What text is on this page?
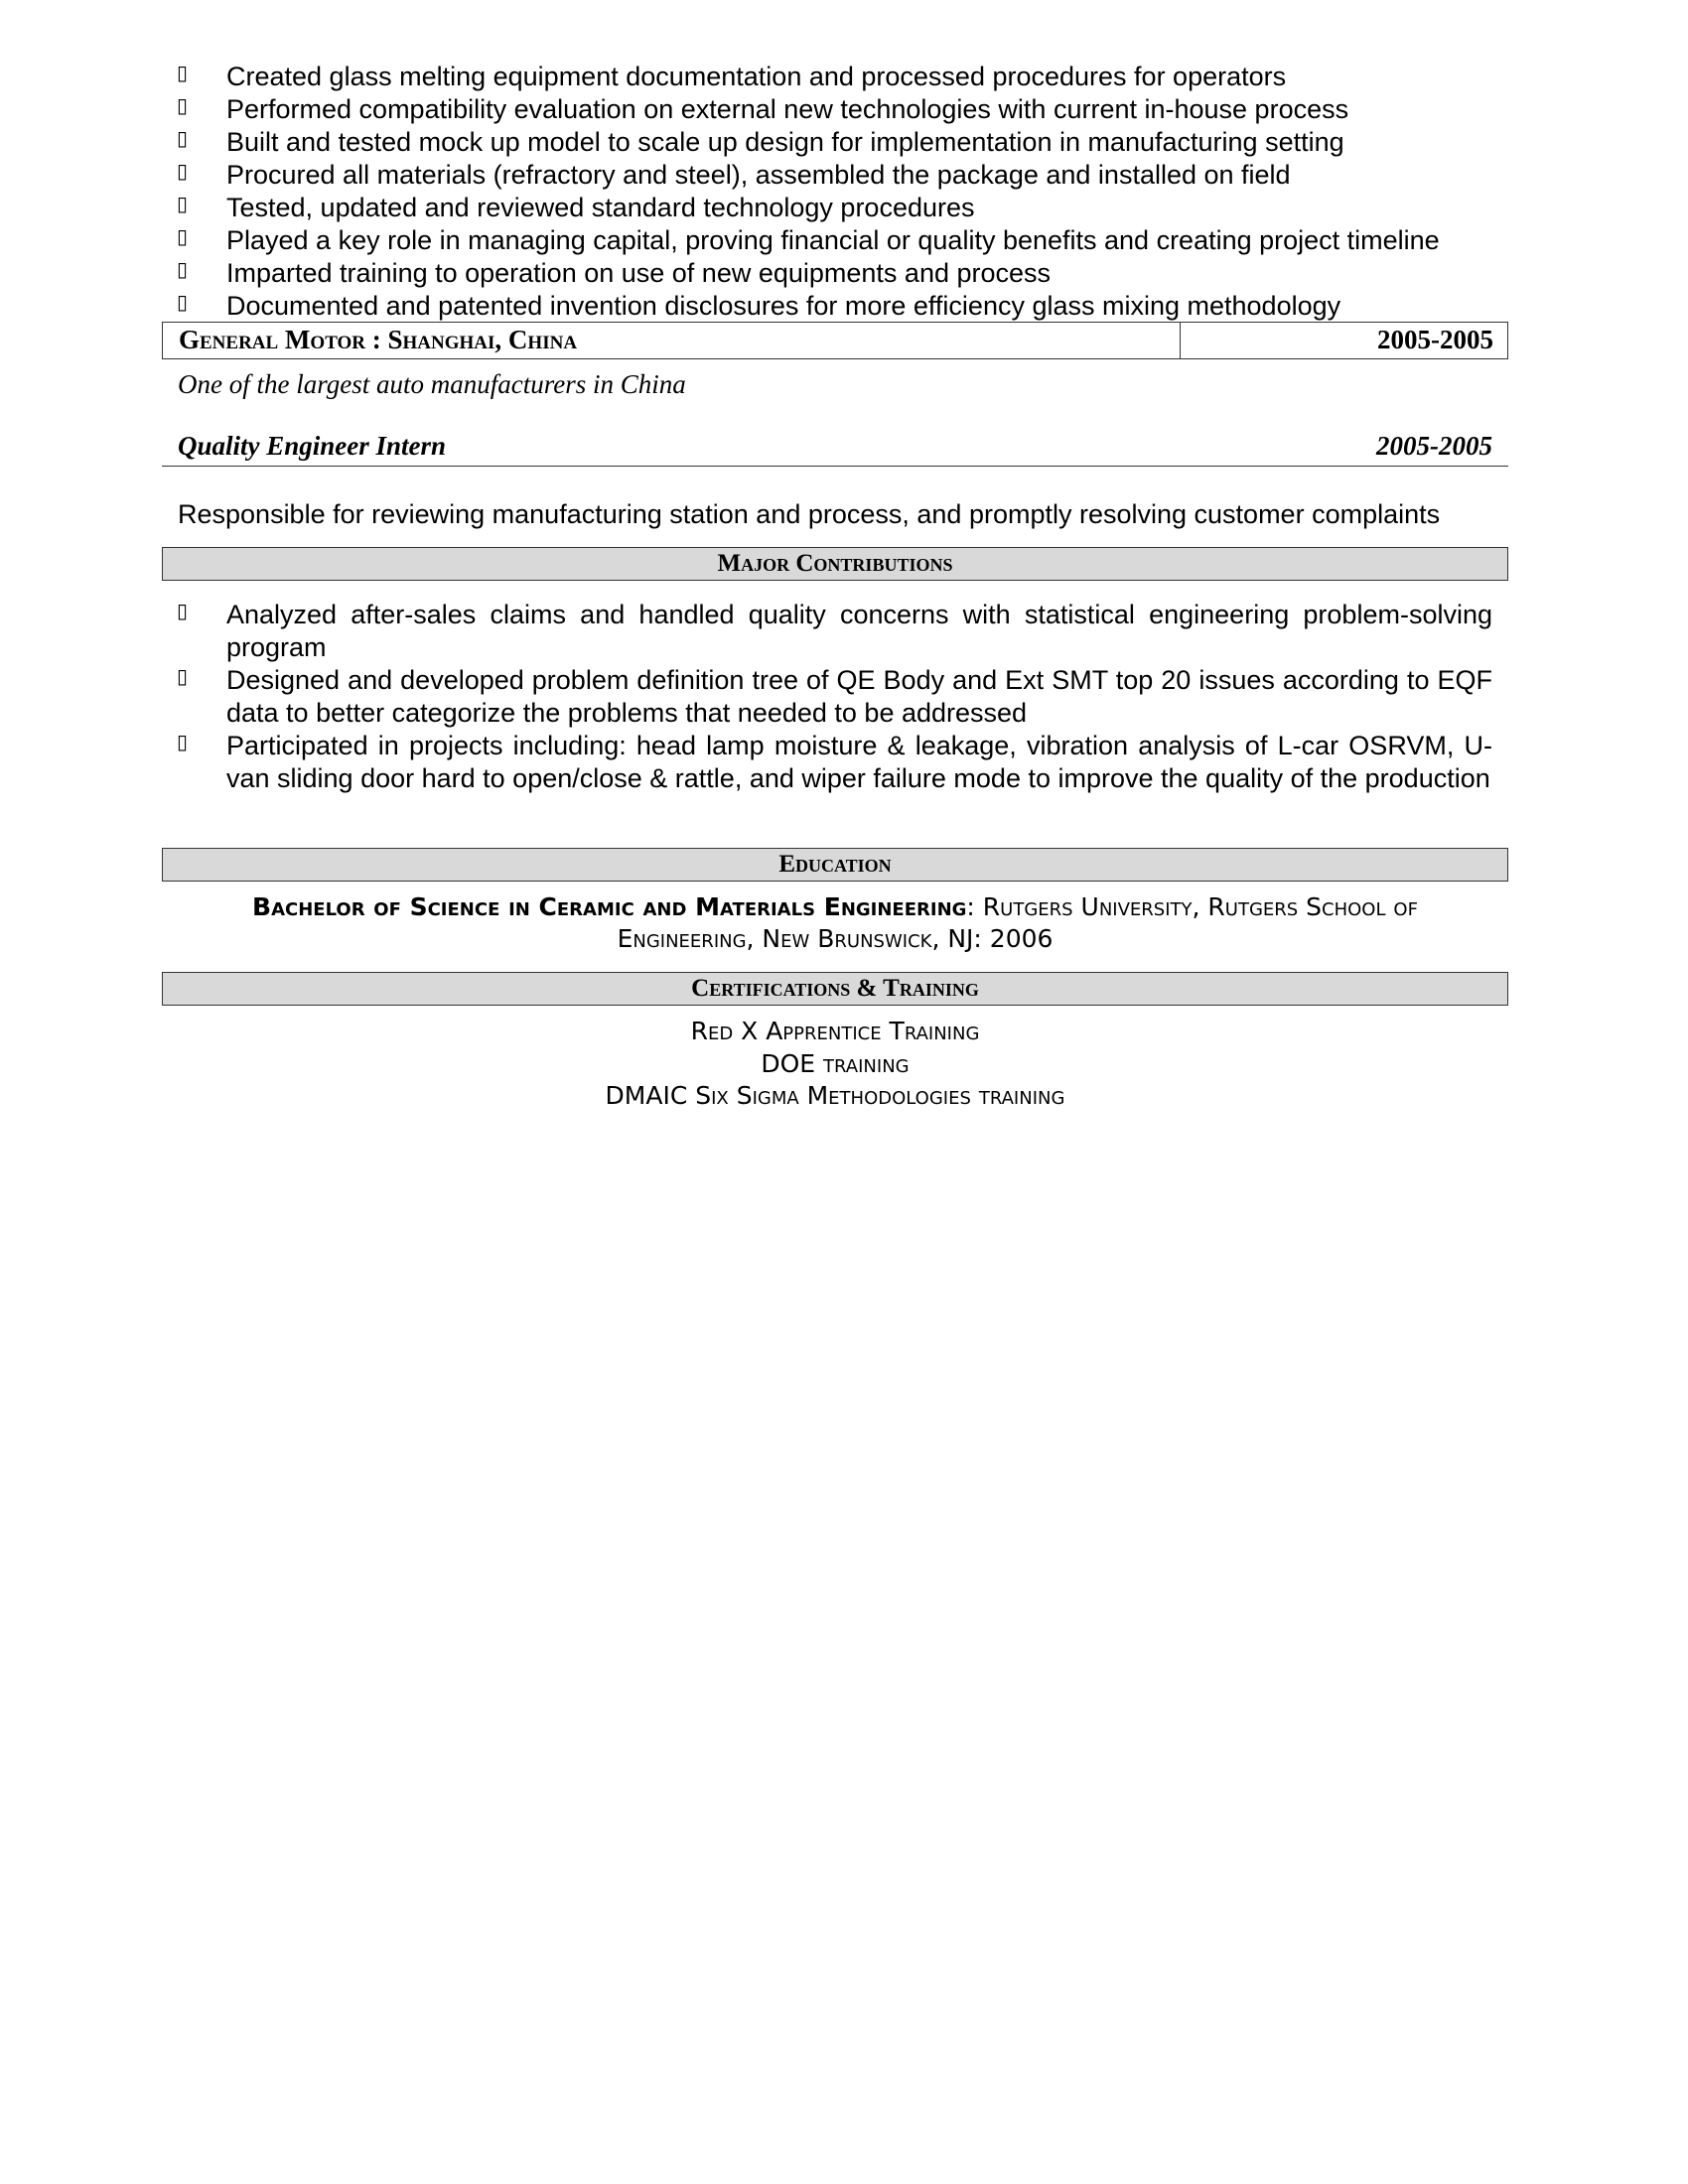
▯ Created glass melting equipment documentation and processed procedures for operators
▯ Performed compatibility evaluation on external new technologies with current in-house process
▯ Built and tested mock up model to scale up design for implementation in manufacturing setting
▯ Procured all materials (refractory and steel), assembled the package and installed on field
▯ Tested, updated and reviewed standard technology procedures
▯ Played a key role in managing capital, proving financial or quality benefits and creating project timeline
▯ Imparted training to operation on use of new equipments and process
▯ Documented and patented invention disclosures for more efficiency glass mixing methodology
General Motor : Shanghai, China	2005-2005
One of the largest auto manufacturers in China
Quality Engineer Intern	2005-2005
Responsible for reviewing manufacturing station and process, and promptly resolving customer complaints
Major Contributions
▯ Analyzed after-sales claims and handled quality concerns with statistical engineering problem-solving program
▯ Designed and developed problem definition tree of QE Body and Ext SMT top 20 issues according to EQF data to better categorize the problems that needed to be addressed
▯ Participated in projects including: head lamp moisture & leakage, vibration analysis of L-car OSRVM, U-van sliding door hard to open/close & rattle, and wiper failure mode to improve the quality of the production
Education
Bachelor of Science in Ceramic and Materials Engineering: Rutgers University, Rutgers School of Engineering, New Brunswick, NJ: 2006
Certifications & Training
Red X Apprentice Training
DOE training
DMAIC Six Sigma Methodologies training
